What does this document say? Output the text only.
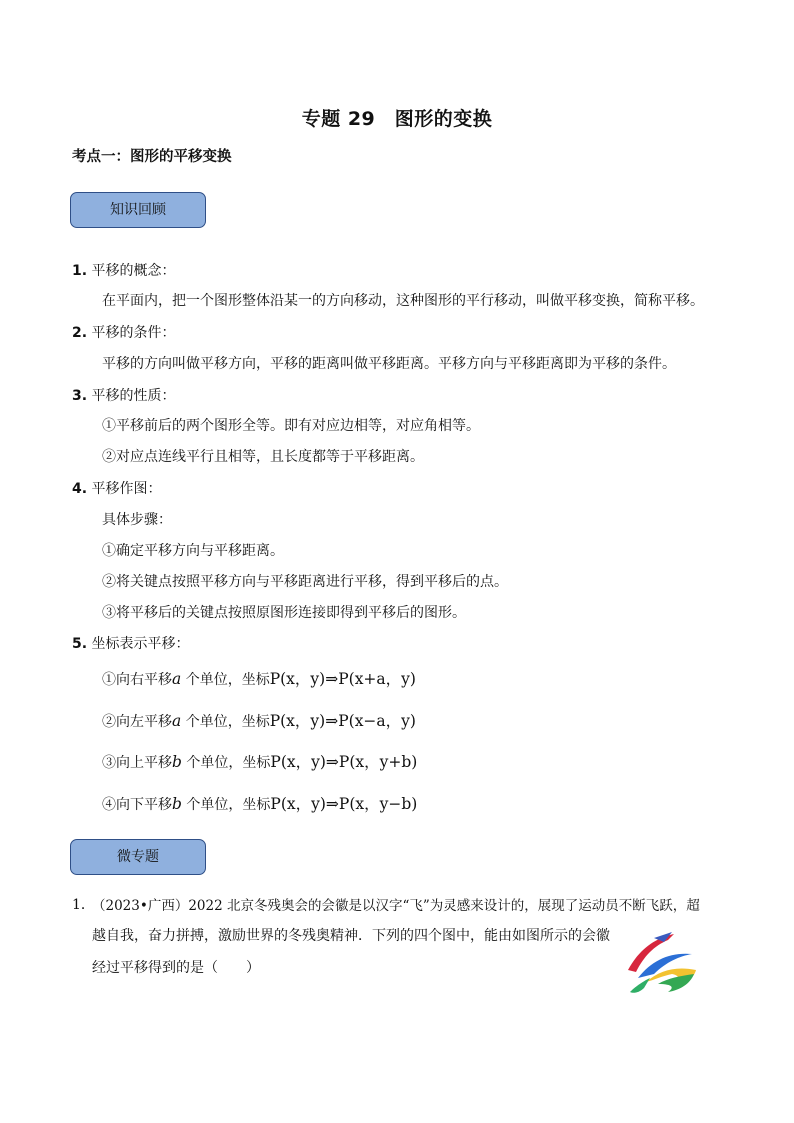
专题 29　图形的变换
考点一：图形的平移变换
知识回顾
1. 平移的概念：
在平面内，把一个图形整体沿某一的方向移动，这种图形的平行移动，叫做平移变换，简称平移。
2. 平移的条件：
平移的方向叫做平移方向，平移的距离叫做平移距离。平移方向与平移距离即为平移的条件。
3. 平移的性质：
①平移前后的两个图形全等。即有对应边相等，对应角相等。
②对应点连线平行且相等，且长度都等于平移距离。
4. 平移作图：
具体步骤：
①确定平移方向与平移距离。
②将关键点按照平移方向与平移距离进行平移，得到平移后的点。
③将平移后的关键点按照原图形连接即得到平移后的图形。
5. 坐标表示平移：
①向右平移a 个单位，坐标P(x，y)⇒P(x+a，y)
②向左平移a 个单位，坐标P(x，y)⇒P(x−a，y)
③向上平移b 个单位，坐标P(x，y)⇒P(x，y+b)
④向下平移b 个单位，坐标P(x，y)⇒P(x，y−b)
微专题
1．
（2023•广西）2022 北京冬残奥会的会徽是以汉字“飞”为灵感来设计的，展现了运动员不断飞跃，超
越自我，奋力拼搏，激励世界的冬残奥精神．下列的四个图中，能由如图所示的会徽
经过平移得到的是（　　）
